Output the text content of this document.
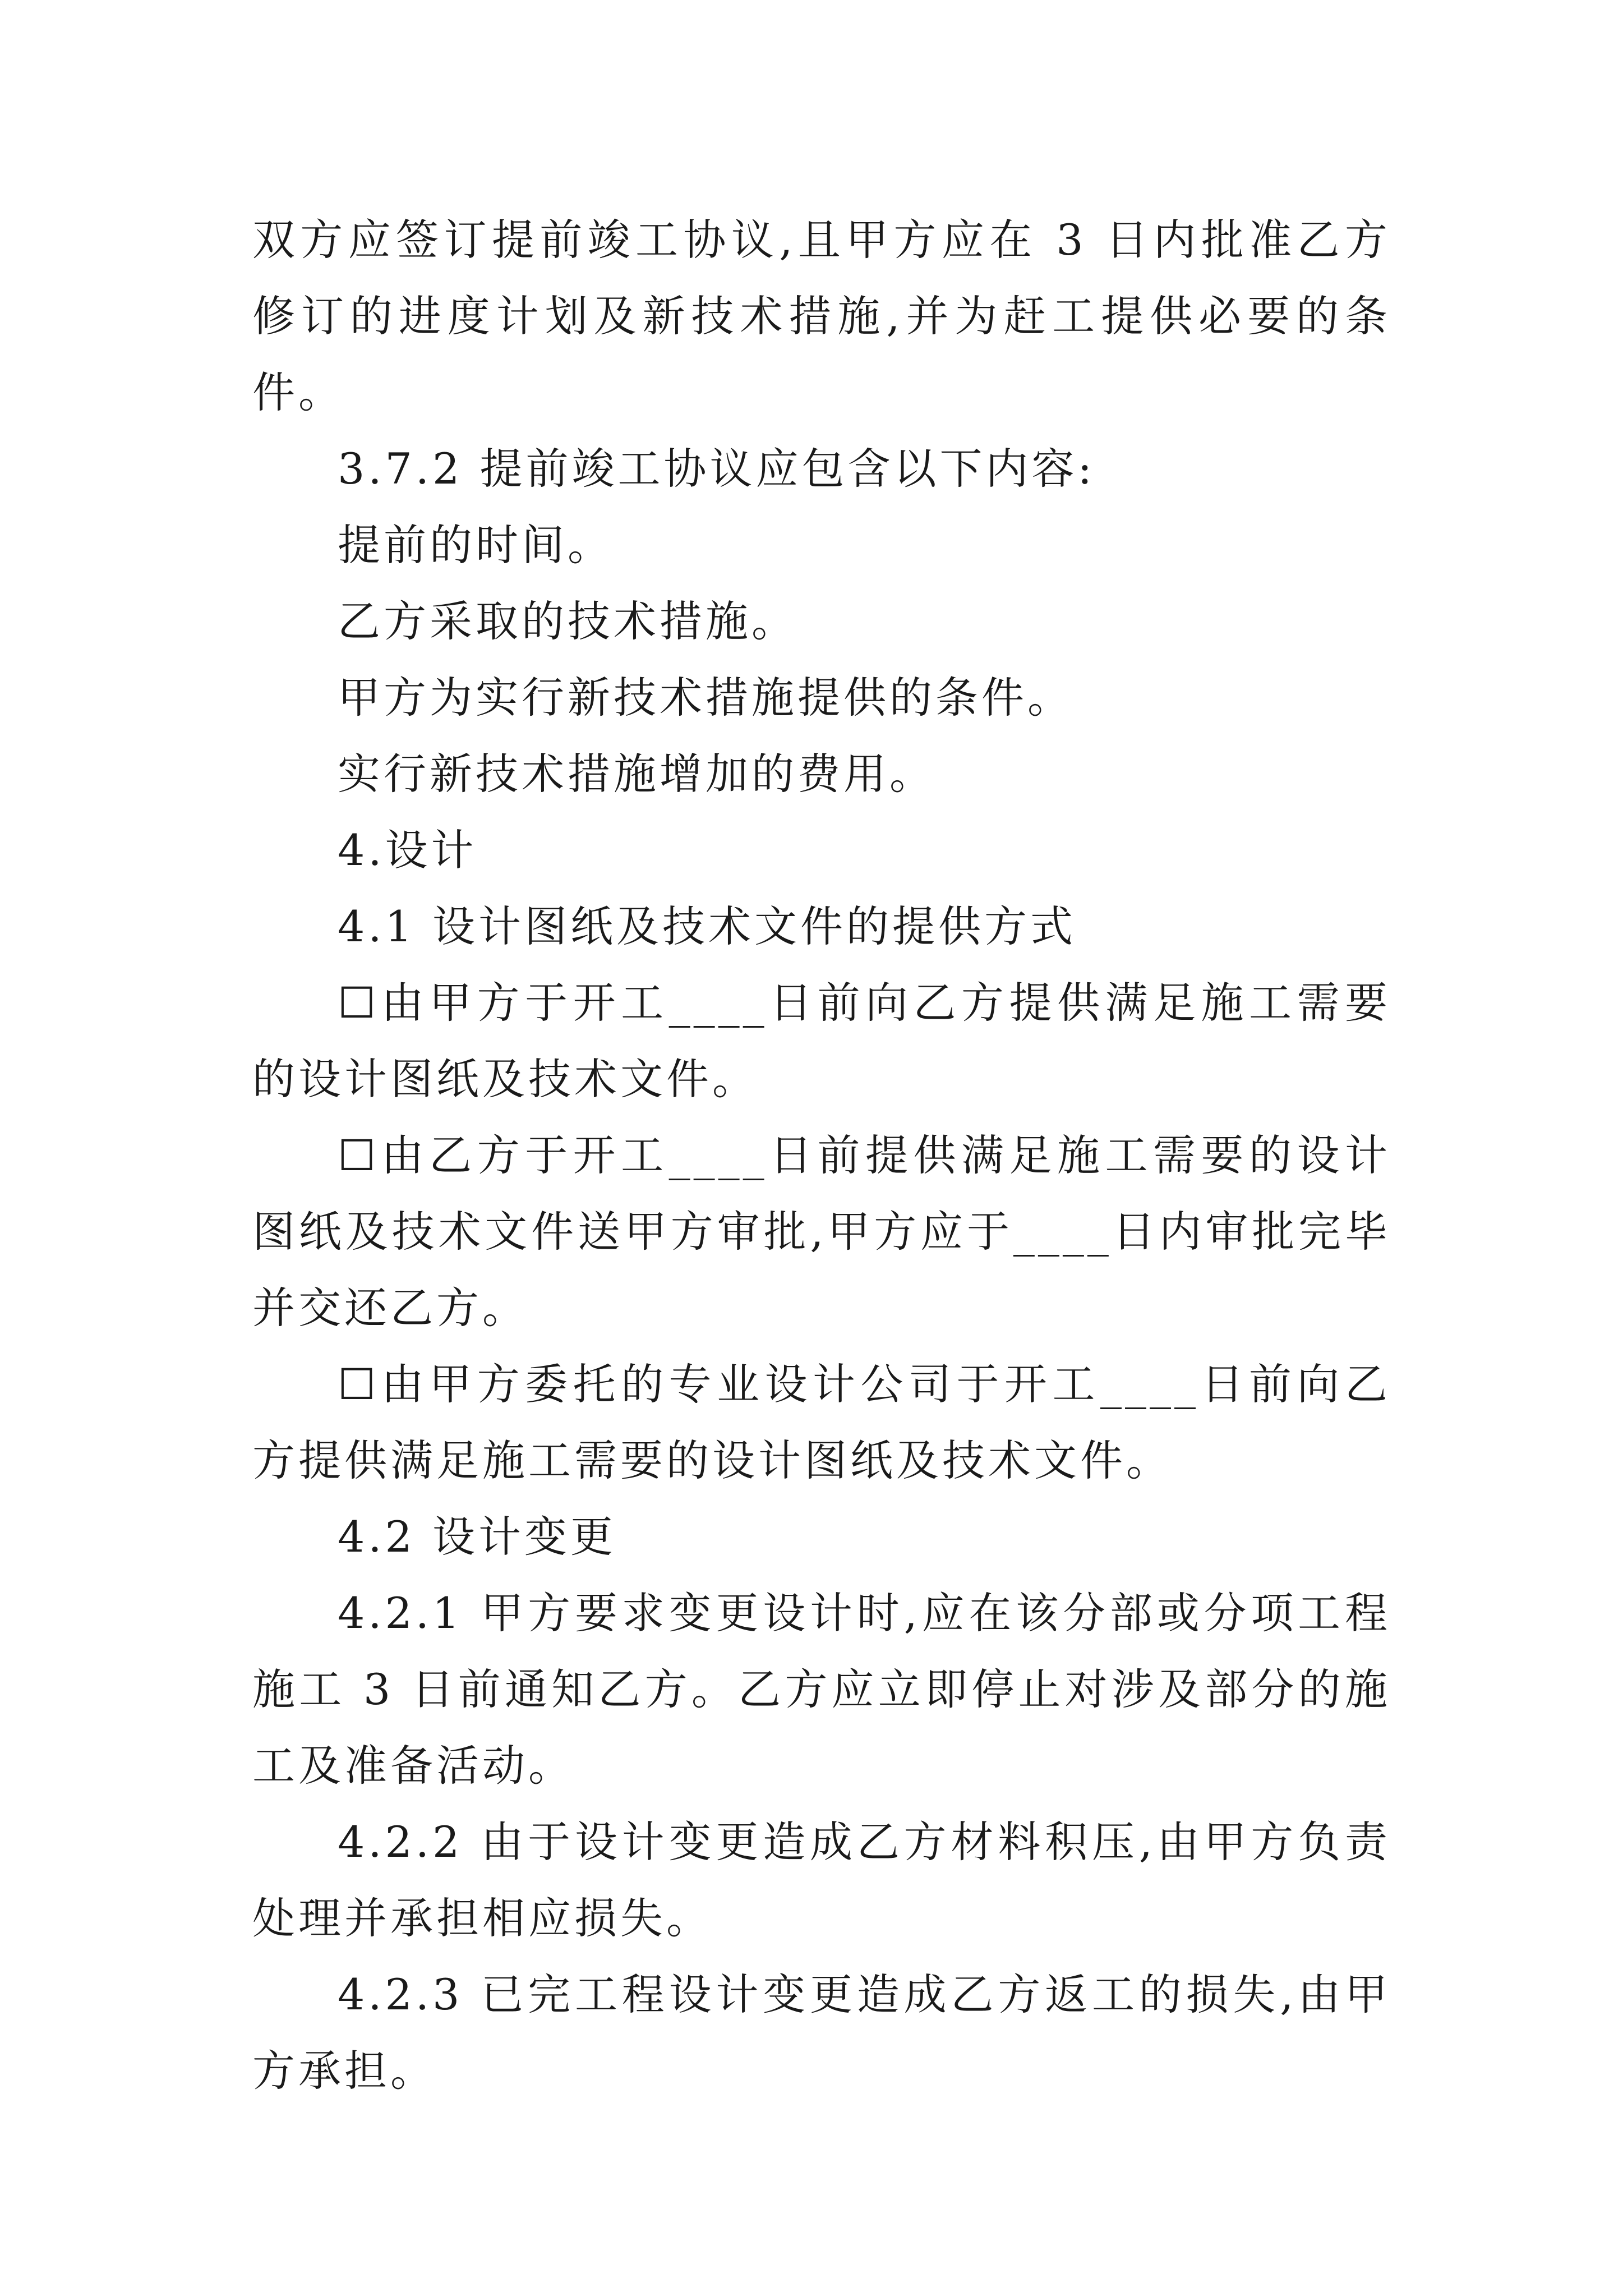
双方应签订提前竣工协议,且甲方应在 3 日内批准乙方修订的进度计划及新技术措施,并为赶工提供必要的条件。

3.7.2 提前竣工协议应包含以下内容:

提前的时间。

乙方采取的技术措施。

甲方为实行新技术措施提供的条件。

实行新技术措施增加的费用。

4.设计

4.1 设计图纸及技术文件的提供方式

☐由甲方于开工____日前向乙方提供满足施工需要的设计图纸及技术文件。

☐由乙方于开工____日前提供满足施工需要的设计图纸及技术文件送甲方审批,甲方应于____日内审批完毕并交还乙方。

☐由甲方委托的专业设计公司于开工____日前向乙方提供满足施工需要的设计图纸及技术文件。

4.2 设计变更

4.2.1 甲方要求变更设计时,应在该分部或分项工程施工 3 日前通知乙方。乙方应立即停止对涉及部分的施工及准备活动。

4.2.2 由于设计变更造成乙方材料积压,由甲方负责处理并承担相应损失。

4.2.3 已完工程设计变更造成乙方返工的损失,由甲方承担。
